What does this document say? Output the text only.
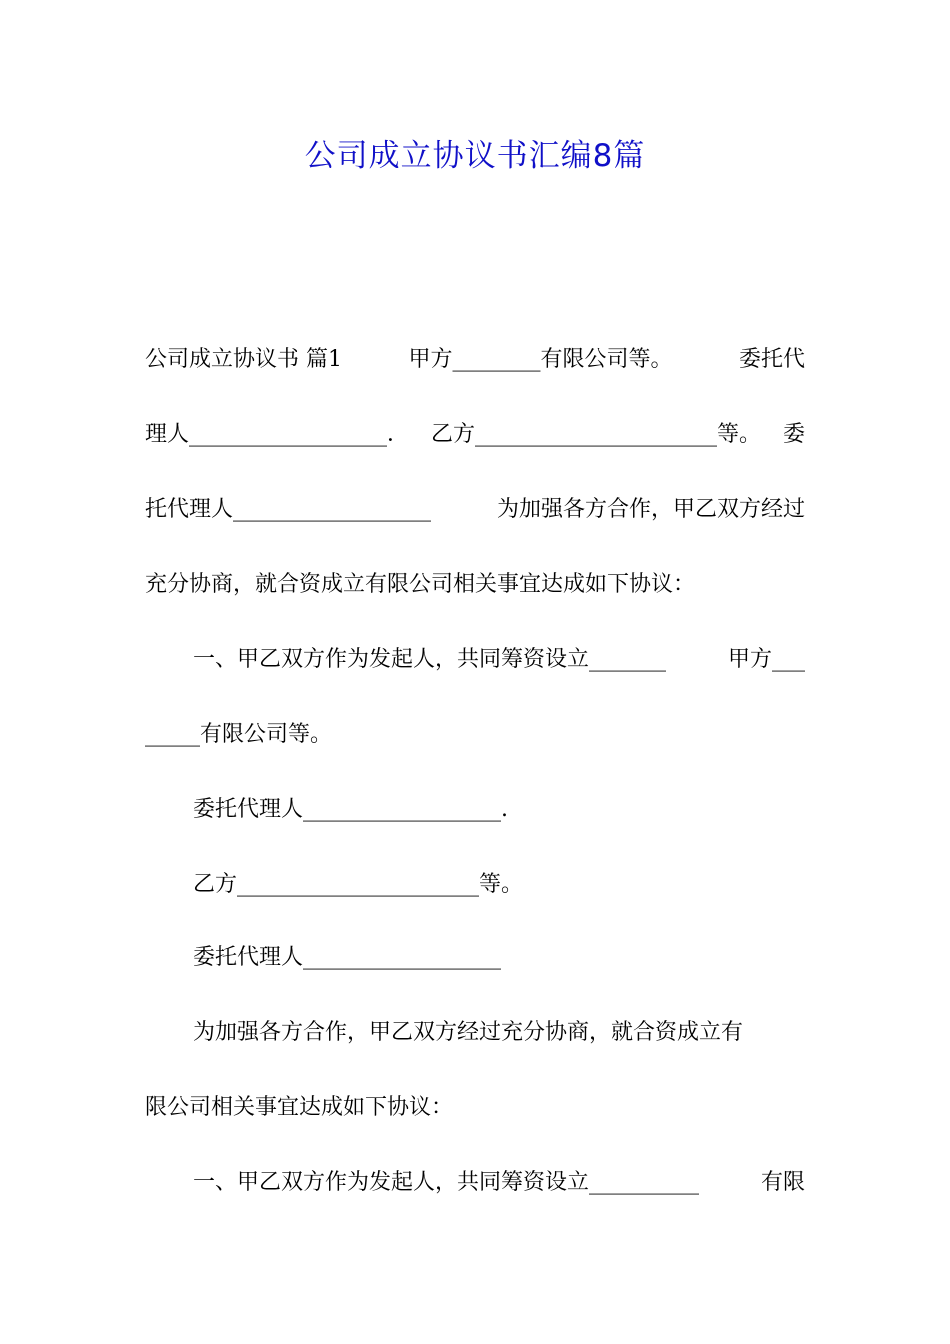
公司成立协议书汇编8篇
公司成立协议书 篇1	甲方________有限公司等。	委托代
理人__________________． 乙方______________________等。 委
托代理人__________________	为加强各方合作，甲乙双方经过
充分协商，就合资成立有限公司相关事宜达成如下协议：
一、甲乙双方作为发起人，共同筹资设立_______	甲方___
_____有限公司等。
委托代理人__________________.
乙方______________________等。
委托代理人__________________
为加强各方合作，甲乙双方经过充分协商，就合资成立有
限公司相关事宜达成如下协议：
一、甲乙双方作为发起人，共同筹资设立__________	有限
